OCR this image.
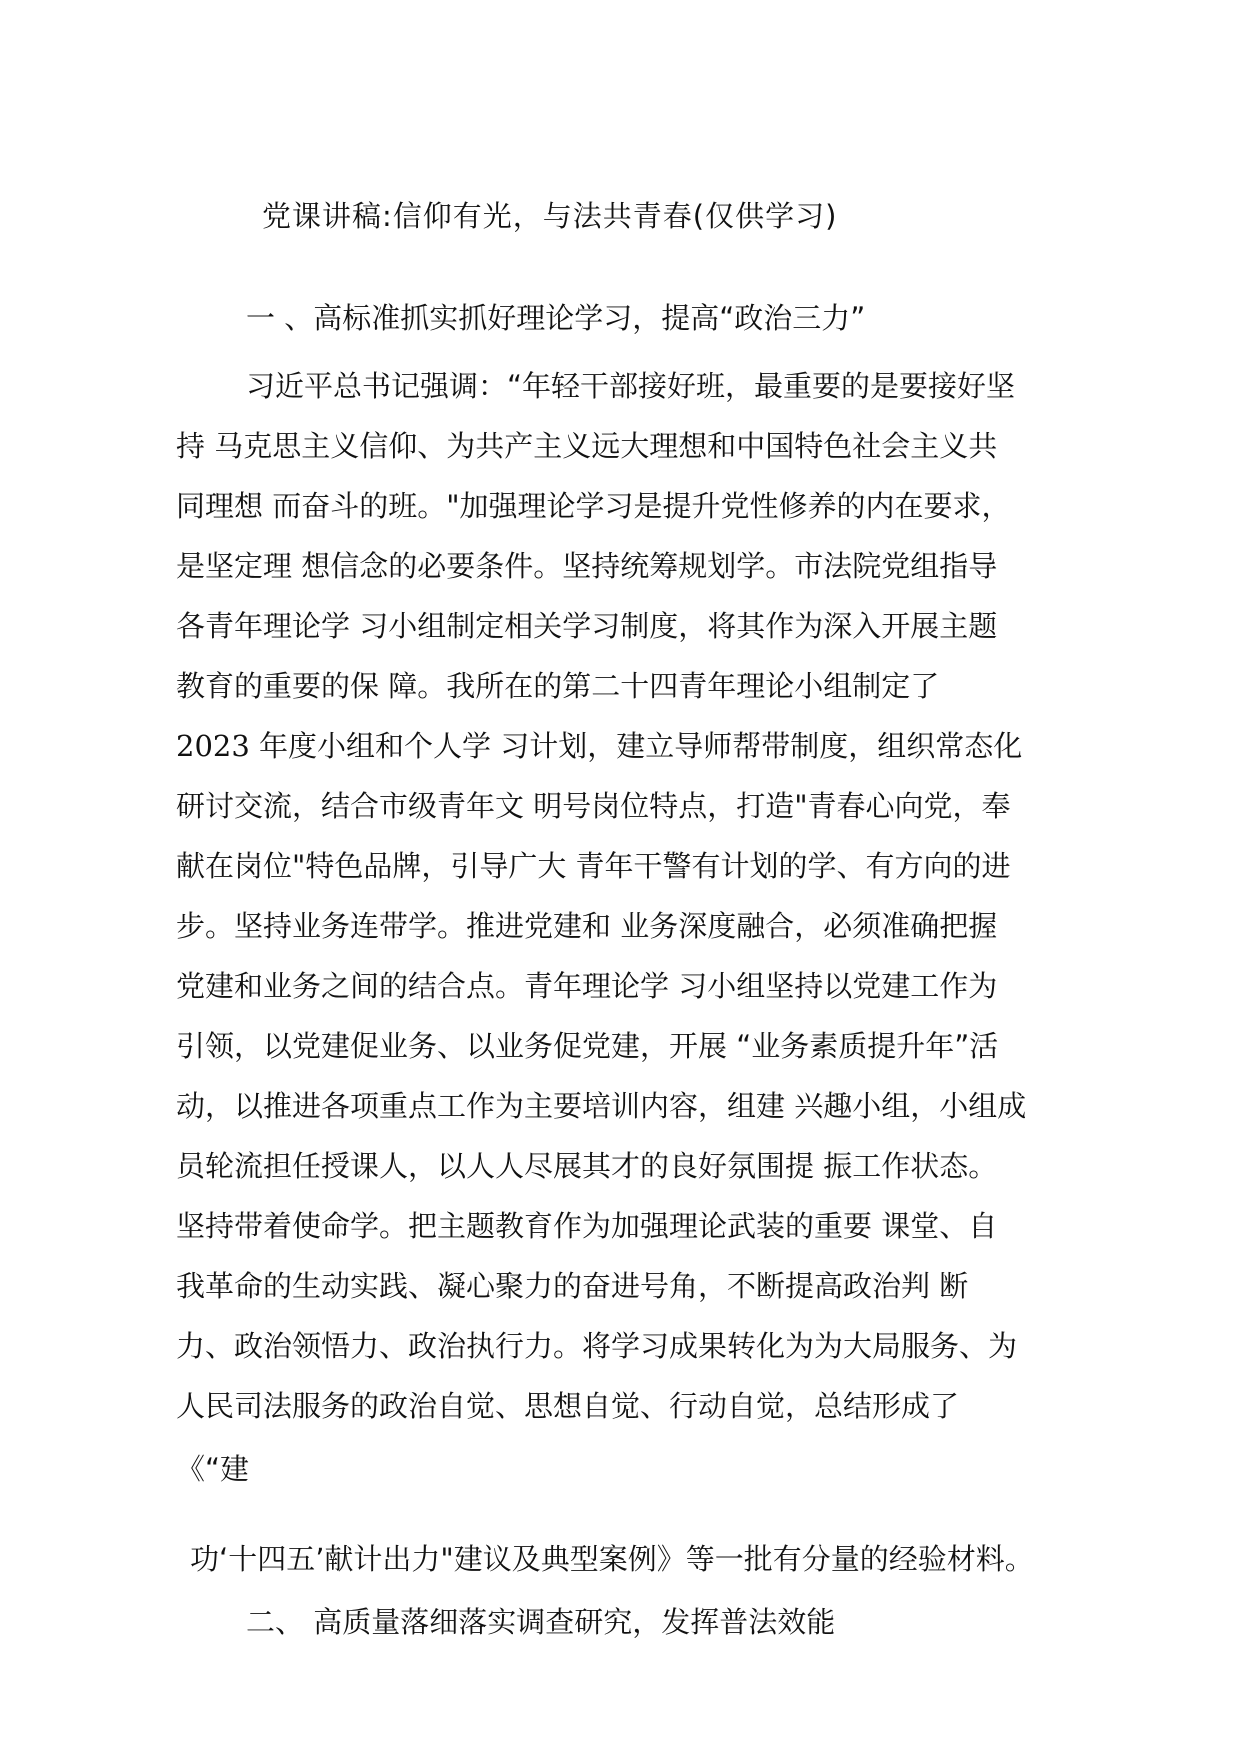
党课讲稿:信仰有光，与法共青春(仅供学习)
一 、高标准抓实抓好理论学习，提高“政治三力”
习近平总书记强调：“年轻干部接好班，最重要的是要接好坚
持 马克思主义信仰、为共产主义远大理想和中国特色社会主义共
同理想 而奋斗的班。"加强理论学习是提升党性修养的内在要求，
是坚定理 想信念的必要条件。坚持统筹规划学。市法院党组指导
各青年理论学 习小组制定相关学习制度，将其作为深入开展主题
教育的重要的保 障。我所在的第二十四青年理论小组制定了
2023 年度小组和个人学 习计划，建立导师帮带制度，组织常态化
研讨交流，结合市级青年文 明号岗位特点，打造"青春心向党，奉
献在岗位"特色品牌，引导广大 青年干警有计划的学、有方向的进
步。坚持业务连带学。推进党建和 业务深度融合，必须准确把握
党建和业务之间的结合点。青年理论学 习小组坚持以党建工作为
引领，以党建促业务、以业务促党建，开展 “业务素质提升年”活
动，以推进各项重点工作为主要培训内容，组建 兴趣小组，小组成
员轮流担任授课人，以人人尽展其才的良好氛围提 振工作状态。
坚持带着使命学。把主题教育作为加强理论武装的重要 课堂、自
我革命的生动实践、凝心聚力的奋进号角，不断提高政治判 断
力、政治领悟力、政治执行力。将学习成果转化为为大局服务、为
人民司法服务的政治自觉、思想自觉、行动自觉，总结形成了
《“建
功‘十四五’献计出力"建议及典型案例》等一批有分量的经验材料。
二、 高质量落细落实调查研究，发挥普法效能
